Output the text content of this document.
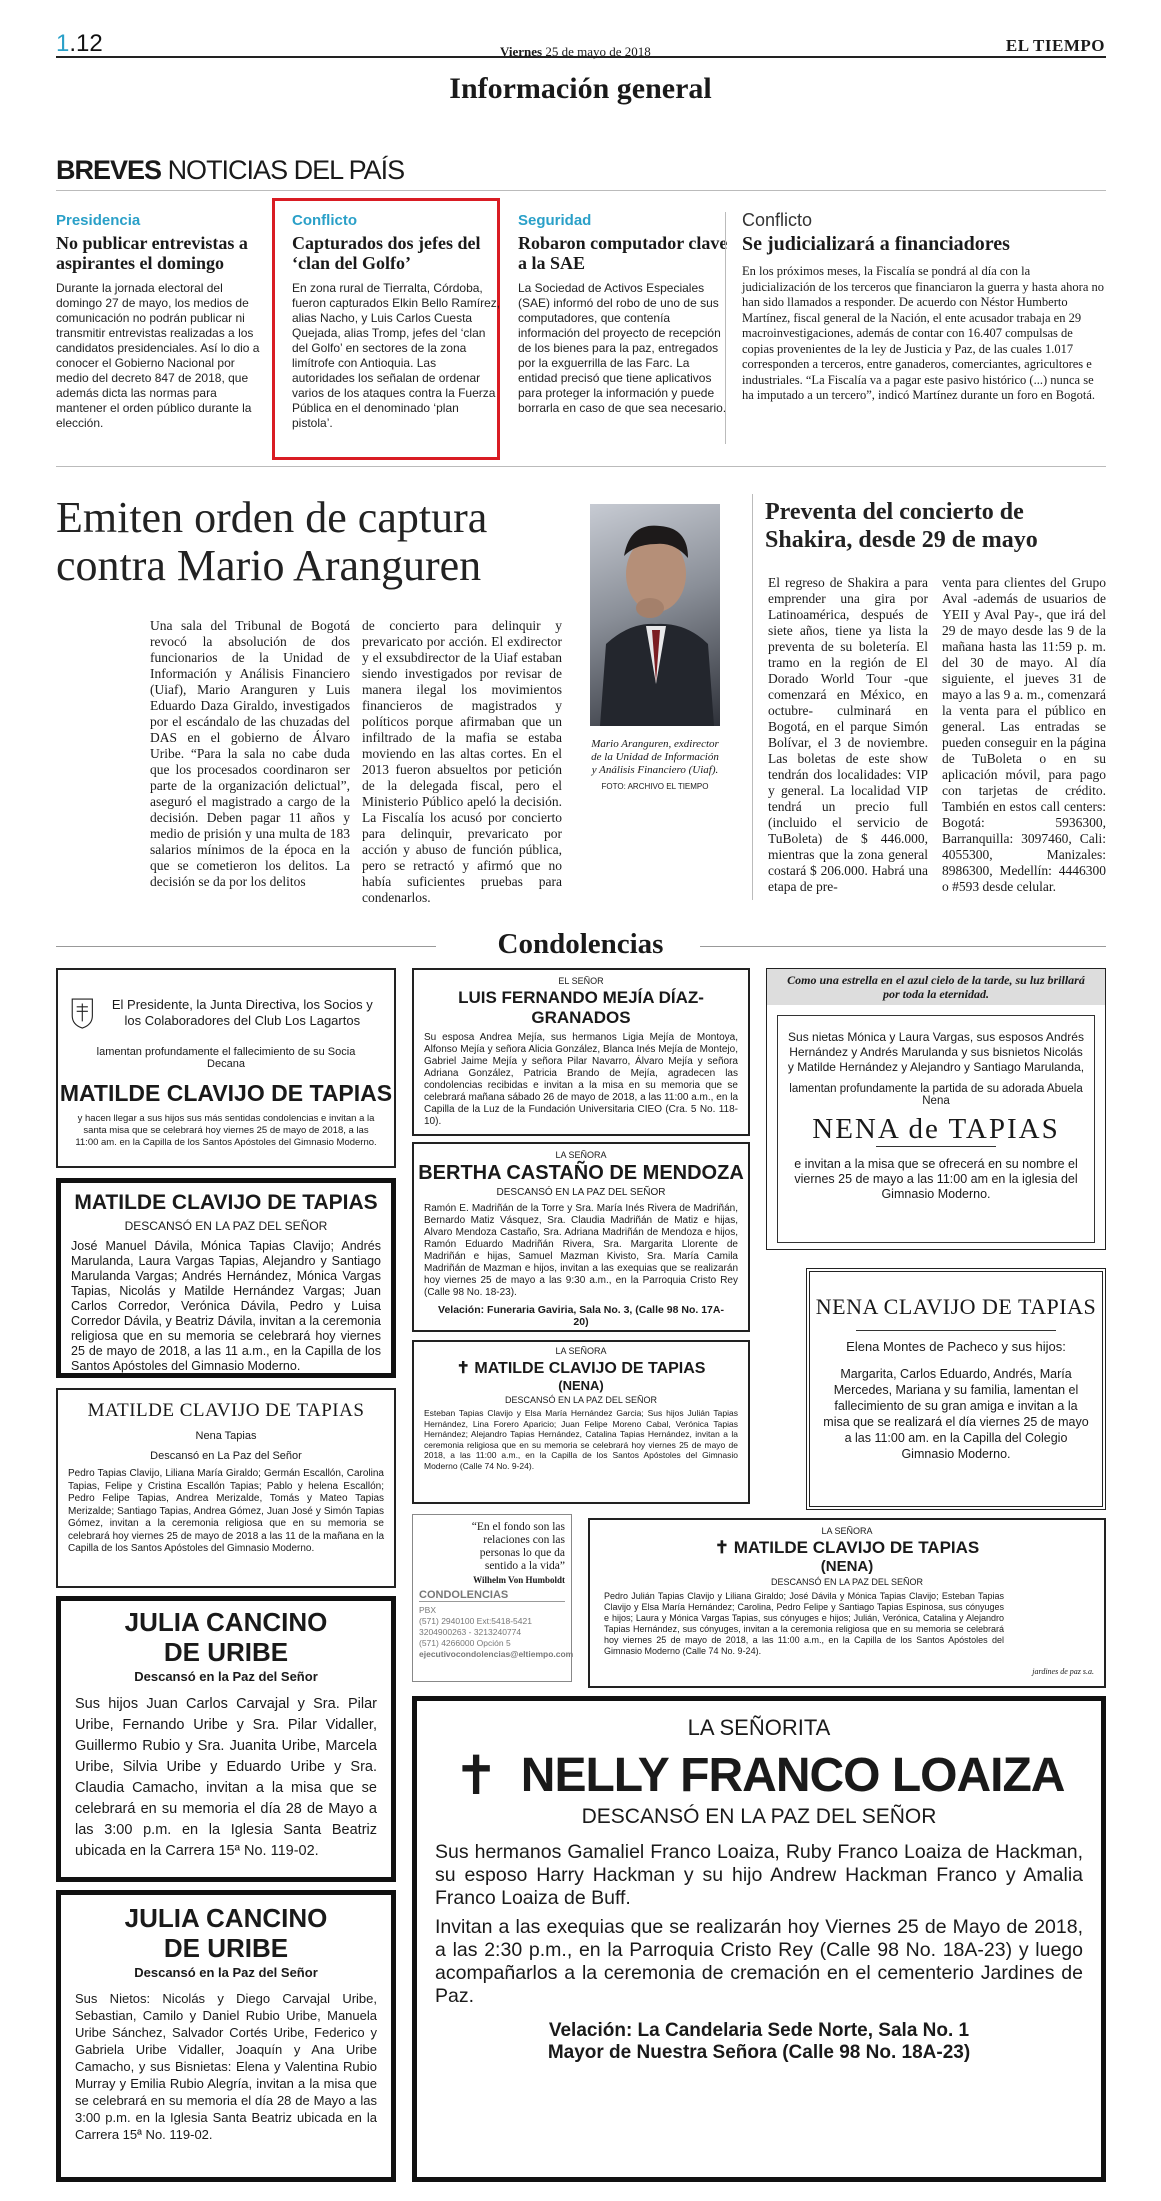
1.12	Viernes 25 de mayo de 2018	EL TIEMPO
Información general
BREVES NOTICIAS DEL PAÍS
Presidencia
No publicar entrevistas a aspirantes el domingo

Durante la jornada electoral del domingo 27 de mayo, los medios de comunicación no podrán publicar ni transmitir entrevistas realizadas a los candidatos presidenciales. Así lo dio a conocer el Gobierno Nacional por medio del decreto 847 de 2018, que además dicta las normas para mantener el orden público durante la elección.

Conflicto
Capturados dos jefes del ‘clan del Golfo’

En zona rural de Tierralta, Córdoba, fueron capturados Elkin Bello Ramírez, alias Nacho, y Luis Carlos Cuesta Quejada, alias Tromp, jefes del ‘clan del Golfo’ en sectores de la zona limítrofe con Antioquia. Las autoridades los señalan de ordenar varios de los ataques contra la Fuerza Pública en el denominado ‘plan pistola’.

Seguridad
Robaron computador clave a la SAE

La Sociedad de Activos Especiales (SAE) informó del robo de uno de sus computadores, que contenía información del proyecto de recepción de los bienes para la paz, entregados por la exguerrilla de las Farc. La entidad precisó que tiene aplicativos para proteger la información y puede borrarla en caso de que sea necesario.

Conflicto
Se judicializará a financiadores

En los próximos meses, la Fiscalía se pondrá al día con la judicialización de los terceros que financiaron la guerra y hasta ahora no han sido llamados a responder. De acuerdo con Néstor Humberto Martínez, fiscal general de la Nación, el ente acusador trabaja en 29 macroinvestigaciones, además de contar con 16.407 compulsas de copias provenientes de la ley de Justicia y Paz, de las cuales 1.017 corresponden a terceros, entre ganaderos, comerciantes, agricultores e industriales. “La Fiscalía va a pagar este pasivo histórico (...) nunca se ha imputado a un tercero”, indicó Martínez durante un foro en Bogotá.

Emiten orden de captura contra Mario Aranguren
Una sala del Tribunal de Bogotá revocó la absolución de dos funcionarios de la Unidad de Información y Análisis Financiero (Uiaf), Mario Aranguren y Luis Eduardo Daza Giraldo, investigados por el escándalo de las chuzadas del DAS en el gobierno de Álvaro Uribe. “Para la sala no cabe duda que los procesados coordinaron ser parte de la organización delictual”, aseguró el magistrado a cargo de la decisión. Deben pagar 11 años y medio de prisión y una multa de 183 salarios mínimos de la época en la que se cometieron los delitos. La decisión se da por los delitos
de concierto para delinquir y prevaricato por acción. El exdirector y el exsubdirector de la Uiaf estaban siendo investigados por revisar de manera ilegal los movimientos financieros de magistrados y políticos porque afirmaban que un infiltrado de la mafia se estaba moviendo en las altas cortes. En el 2013 fueron absueltos por petición de la delegada fiscal, pero el Ministerio Público apeló la decisión. La Fiscalía los acusó por concierto para delinquir, prevaricato por acción y abuso de función pública, pero se retractó y afirmó que no había suficientes pruebas para condenarlos.
Mario Aranguren, exdirector de la Unidad de Información y Análisis Financiero (Uiaf).
FOTO: ARCHIVO EL TIEMPO
Preventa del concierto de Shakira, desde 29 de mayo
El regreso de Shakira a para emprender una gira por Latinoamérica, después de siete años, tiene ya lista la preventa de su boletería. El tramo en la región de El Dorado World Tour -que comenzará en México, en octubre- culminará en Bogotá, en el parque Simón Bolívar, el 3 de noviembre. Las boletas de este show tendrán dos localidades: VIP y general. La localidad VIP tendrá un precio full (incluido el servicio de TuBoleta) de $ 446.000, mientras que la zona general costará $ 206.000. Habrá una etapa de pre-
venta para clientes del Grupo Aval -además de usuarios de YEII y Aval Pay-, que irá del 29 de mayo desde las 9 de la mañana hasta las 11:59 p. m. del 30 de mayo. Al día siguiente, el jueves 31 de mayo a las 9 a. m., comenzará la venta para el público en general. Las entradas se pueden conseguir en la página de TuBoleta o en su aplicación móvil, para pago con tarjetas de crédito. También en estos call centers: Bogotá: 5936300, Barranquilla: 3097460, Cali: 4055300, Manizales: 8986300, Medellín: 4446300 o #593 desde celular.
Condolencias
El Presidente, la Junta Directiva, los Socios y los Colaboradores del Club Los Lagartos
lamentan profundamente el fallecimiento de su Socia Decana
MATILDE CLAVIJO DE TAPIAS
y hacen llegar a sus hijos sus más sentidas condolencias e invitan a la santa misa que se celebrará hoy viernes 25 de mayo de 2018, a las 11:00 am. en la Capilla de los Santos Apóstoles del Gimnasio Moderno.
MATILDE CLAVIJO DE TAPIAS
DESCANSÓ EN LA PAZ DEL SEÑOR
José Manuel Dávila, Mónica Tapias Clavijo; Andrés Marulanda, Laura Vargas Tapias, Alejandro y Santiago Marulanda Vargas; Andrés Hernández, Mónica Vargas Tapias, Nicolás y Matilde Hernández Vargas; Juan Carlos Corredor, Verónica Dávila, Pedro y Luisa Corredor Dávila, y Beatriz Dávila, invitan a la ceremonia religiosa que en su memoria se celebrará hoy viernes 25 de mayo de 2018, a las 11 a.m., en la Capilla de los Santos Apóstoles del Gimnasio Moderno.
MATILDE CLAVIJO DE TAPIAS
Nena Tapias
Descansó en La Paz del Señor
Pedro Tapias Clavijo, Liliana María Giraldo; Germán Escallón, Carolina Tapias, Felipe y Cristina Escallón Tapias; Pablo y helena Escallón; Pedro Felipe Tapias, Andrea Merizalde, Tomás y Mateo Tapias Merizalde; Santiago Tapias, Andrea Gómez, Juan José y Simón Tapias Gómez, invitan a la ceremonia religiosa que en su memoria se celebrará hoy viernes 25 de mayo de 2018 a las 11 de la mañana en la Capilla de los Santos Apóstoles del Gimnasio Moderno.
JULIA CANCINO
DE URIBE
Descansó en la Paz del Señor
Sus hijos Juan Carlos Carvajal y Sra. Pilar Uribe, Fernando Uribe y Sra. Pilar Vidaller, Guillermo Rubio y Sra. Juanita Uribe, Marcela Uribe, Silvia Uribe y Eduardo Uribe y Sra. Claudia Camacho, invitan a la misa que se celebrará en su memoria el día 28 de Mayo a las 3:00 p.m. en la Iglesia Santa Beatriz ubicada en la Carrera 15ª No. 119-02.
JULIA CANCINO
DE URIBE
Descansó en la Paz del Señor
Sus Nietos: Nicolás y Diego Carvajal Uribe, Sebastian, Camilo y Daniel Rubio Uribe, Manuela Uribe Sánchez, Salvador Cortés Uribe, Federico y Gabriela Uribe Vidaller, Joaquín y Ana Uribe Camacho, y sus Bisnietas: Elena y Valentina Rubio Murray y Emilia Rubio Alegría, invitan a la misa que se celebrará en su memoria el día 28 de Mayo a las 3:00 p.m. en la Iglesia Santa Beatriz ubicada en la Carrera 15ª No. 119-02.
EL SEÑOR
LUIS FERNANDO MEJÍA DÍAZ-GRANADOS
Su esposa Andrea Mejía, sus hermanos Ligia Mejía de Montoya, Alfonso Mejía y señora Alicia González, Blanca Inés Mejía de Montejo, Gabriel Jaime Mejía y señora Pilar Navarro, Álvaro Mejía y señora Adriana González, Patricia Brando de Mejía, agradecen las condolencias recibidas e invitan a la misa en su memoria que se celebrará mañana sábado 26 de mayo de 2018, a las 11:00 a.m., en la Capilla de la Luz de la Fundación Universitaria CIEO (Cra. 5 No. 118-10).
LA SEÑORA
BERTHA CASTAÑO DE MENDOZA
DESCANSÓ EN LA PAZ DEL SEÑOR
Ramón E. Madriñán de la Torre y Sra. María Inés Rivera de Madriñán, Bernardo Matiz Vásquez, Sra. Claudia Madriñán de Matiz e hijas, Alvaro Mendoza Castaño, Sra. Adriana Madriñán de Mendoza e hijos, Ramón Eduardo Madriñán Rivera, Sra. Margarita Llorente de Madriñán e hijas, Samuel Mazman Kivisto, Sra. María Camila Madriñán de Mazman e hijos, invitan a las exequias que se realizarán hoy viernes 25 de mayo a las 9:30 a.m., en la Parroquia Cristo Rey (Calle 98 No. 18-23).
Velación: Funeraria Gaviria, Sala No. 3, (Calle 98 No. 17A-20)
LA SEÑORA
✝ MATILDE CLAVIJO DE TAPIAS
(NENA)
DESCANSÓ EN LA PAZ DEL SEÑOR
Esteban Tapias Clavijo y Elsa María Hernández Garcia; Sus hijos Julián Tapias Hernández, Lina Forero Aparicio; Juan Felipe Moreno Cabal, Verónica Tapias Hernández; Alejandro Tapias Hernández, Catalina Tapias Hernández, invitan a la ceremonia religiosa que en su memoria se celebrará hoy viernes 25 de mayo de 2018, a las 11:00 a.m., en la Capilla de los Santos Apóstoles del Gimnasio Moderno (Calle 74 No. 9-24).
“En el fondo son las relaciones con las personas lo que da sentido a la vida”
Wilhelm Von Humboldt
CONDOLENCIAS
PBX
(571) 2940100 Ext:5418-5421
3204900263 - 3213240774
(571) 4266000 Opción 5
ejecutivocondolencias@eltiempo.com
Como una estrella en el azul cielo de la tarde, su luz brillará por toda la eternidad.
Sus nietas Mónica y Laura Vargas, sus esposos Andrés Hernández y Andrés Marulanda y sus bisnietos Nicolás y Matilde Hernández y Alejandro y Santiago Marulanda,
lamentan profundamente la partida de su adorada Abuela Nena
NENA de TAPIAS
e invitan a la misa que se ofrecerá en su nombre el viernes 25 de mayo a las 11:00 am en la iglesia del Gimnasio Moderno.
NENA CLAVIJO DE TAPIAS
Elena Montes de Pacheco y sus hijos:
Margarita, Carlos Eduardo, Andrés, María Mercedes, Mariana y su familia, lamentan el fallecimiento de su gran amiga e invitan a la misa que se realizará el día viernes 25 de mayo a las 11:00 am. en la Capilla del Colegio Gimnasio Moderno.
LA SEÑORA
✝ MATILDE CLAVIJO DE TAPIAS
(NENA)
DESCANSÓ EN LA PAZ DEL SEÑOR
Pedro Julián Tapias Clavijo y Liliana Giraldo; José Dávila y Mónica Tapias Clavijo; Esteban Tapias Clavijo y Elsa María Hernández; Carolina, Pedro Felipe y Santiago Tapias Espinosa, sus cónyuges e hijos; Laura y Mónica Vargas Tapias, sus cónyuges e hijos; Julián, Verónica, Catalina y Alejandro Tapias Hernández, sus cónyuges, invitan a la ceremonia religiosa que en su memoria se celebrará hoy viernes 25 de mayo de 2018, a las 11:00 a.m., en la Capilla de los Santos Apóstoles del Gimnasio Moderno (Calle 74 No. 9-24).
jardines de paz s.a.
LA SEÑORITA
✝ NELLY FRANCO LOAIZA
DESCANSÓ EN LA PAZ DEL SEÑOR
Sus hermanos Gamaliel Franco Loaiza, Ruby Franco Loaiza de Hackman, su esposo Harry Hackman y su hijo Andrew Hackman Franco y Amalia Franco Loaiza de Buff.
Invitan a las exequias que se realizarán hoy Viernes 25 de Mayo de 2018, a las 2:30 p.m., en la Parroquia Cristo Rey (Calle 98 No. 18A-23) y luego acompañarlos a la ceremonia de cremación en el cementerio Jardines de Paz.
Velación: La Candelaria Sede Norte, Sala No. 1
Mayor de Nuestra Señora (Calle 98 No. 18A-23)
